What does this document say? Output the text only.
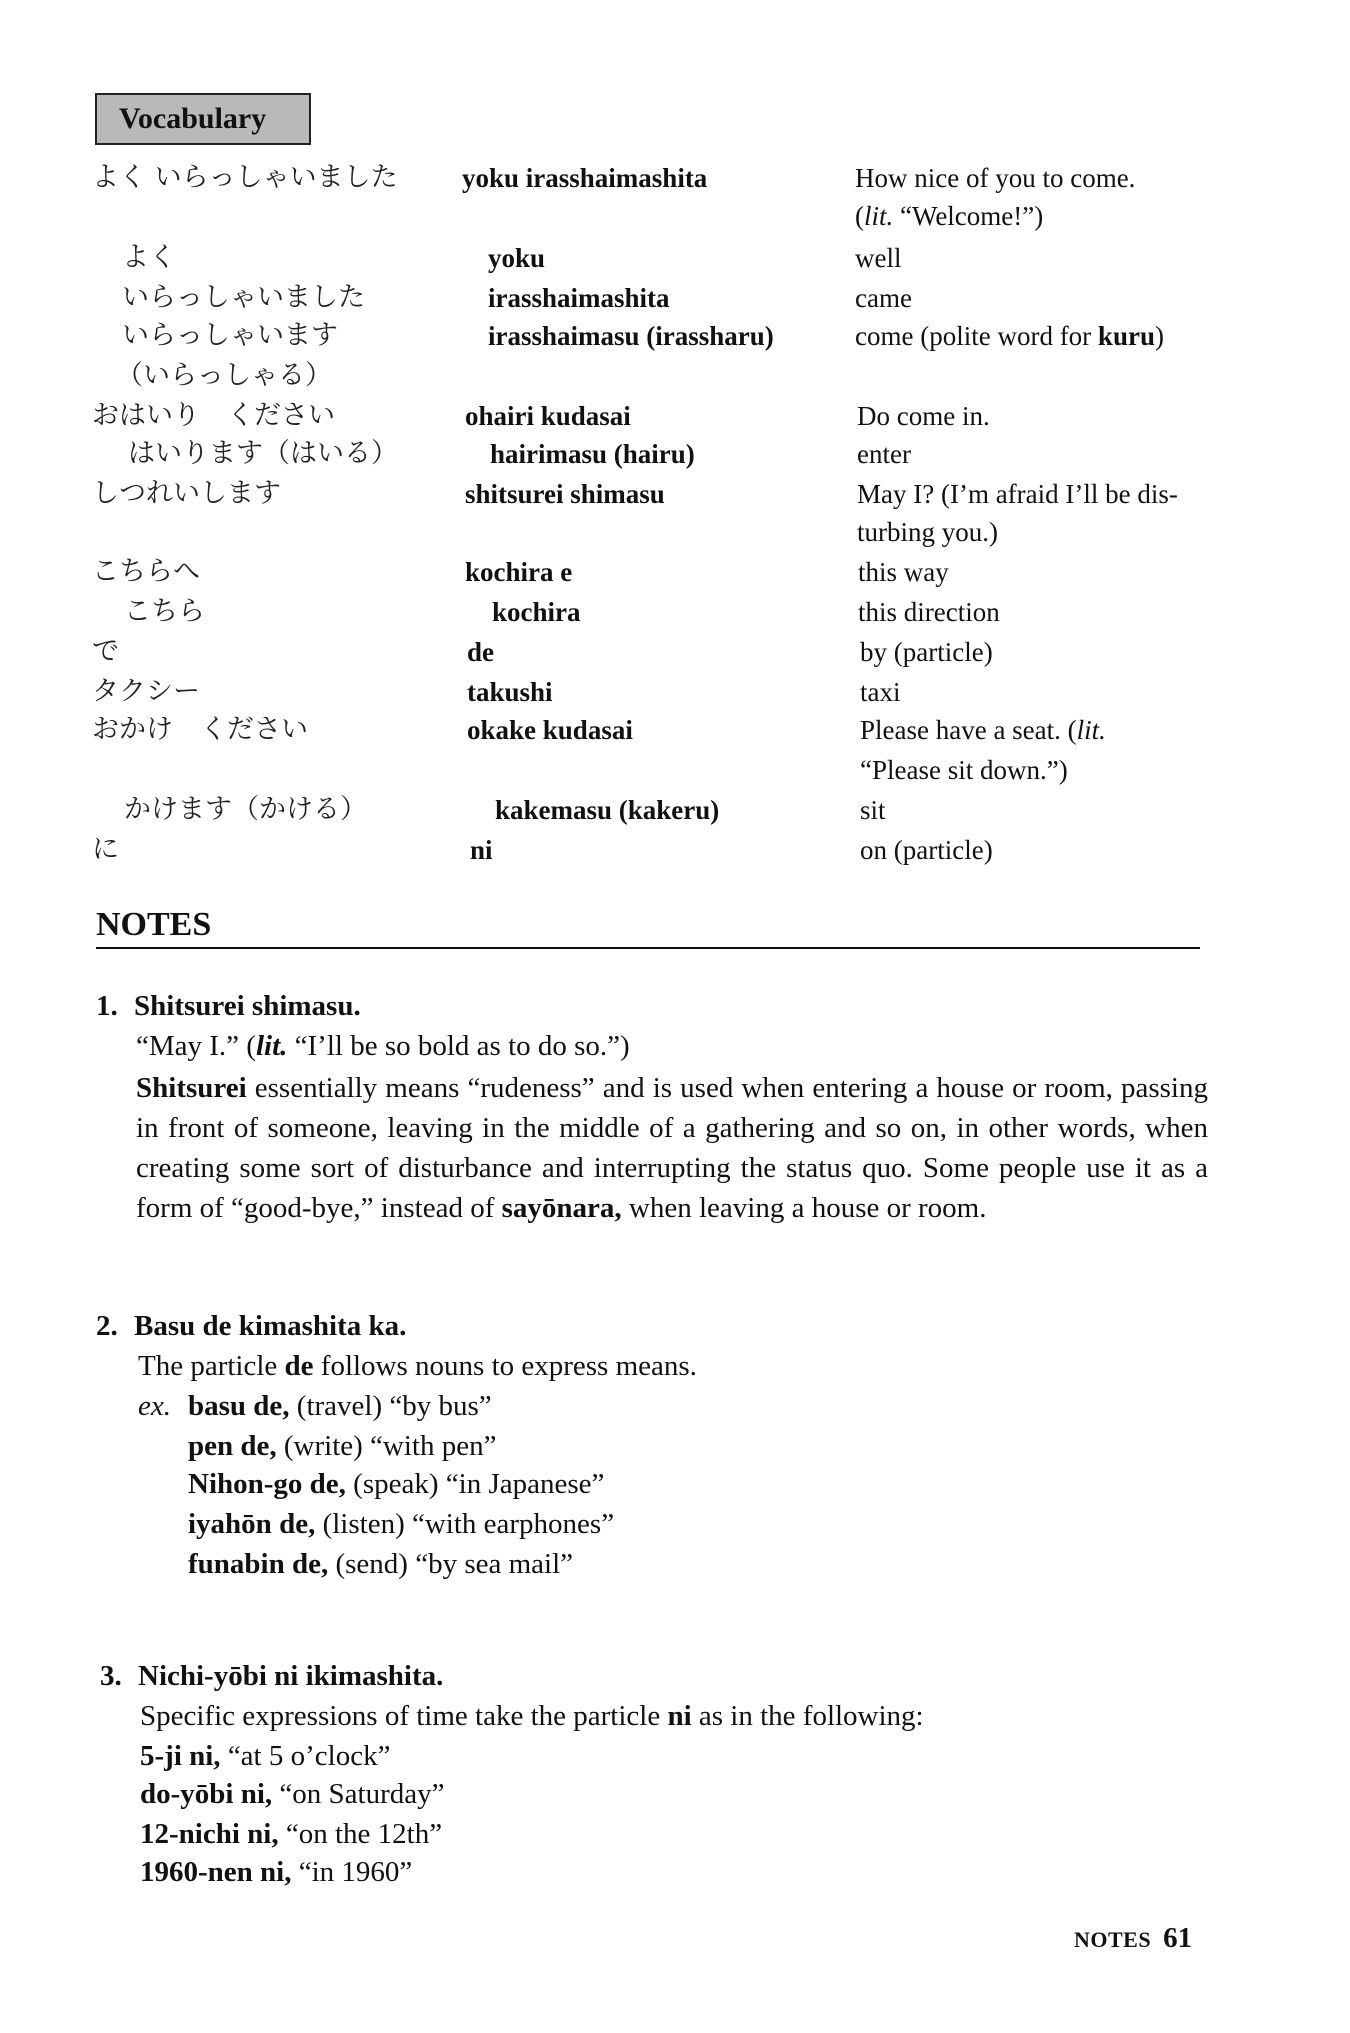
Vocabulary
よく いらっしゃいました yoku irasshaimashita	How nice of you to come.
(lit. “Welcome!”)
よく	yoku	well
いらっしゃいました	irasshaimashita	came
いらっしゃいます	irasshaimasu (irassharu)	come (polite word for kuru)
（いらっしゃる）
おはいり　ください	ohairi kudasai	Do come in.
はいります（はいる）	hairimasu (hairu)	enter
しつれいします	shitsurei shimasu	May I? (I’m afraid I’ll be dis-
turbing you.)
こちらへ	kochira e	this way
こちら	kochira	this direction
で	de	by (particle)
タクシー	takushi	taxi
おかけ　ください	okake kudasai	Please have a seat. (lit.
“Please sit down.”)
かけます（かける）	kakemasu (kakeru)	sit
に	ni	on (particle)
NOTES
1. Shitsurei shimasu.
“May I.” (lit. “I’ll be so bold as to do so.”)
Shitsurei essentially means “rudeness” and is used when entering a house or room, passing in front of someone, leaving in the middle of a gathering and so on, in other words, when creating some sort of disturbance and interrupting the status quo. Some people use it as a form of “good-bye,” instead of sayōnara, when leaving a house or room.
2. Basu de kimashita ka.
The particle de follows nouns to express means.
ex. basu de, (travel) “by bus”
pen de, (write) “with pen”
Nihon-go de, (speak) “in Japanese”
iyahōn de, (listen) “with earphones”
funabin de, (send) “by sea mail”
3. Nichi-yōbi ni ikimashita.
Specific expressions of time take the particle ni as in the following:
5-ji ni, “at 5 o’clock”
do-yōbi ni, “on Saturday”
12-nichi ni, “on the 12th”
1960-nen ni, “in 1960”
NOTES 61
